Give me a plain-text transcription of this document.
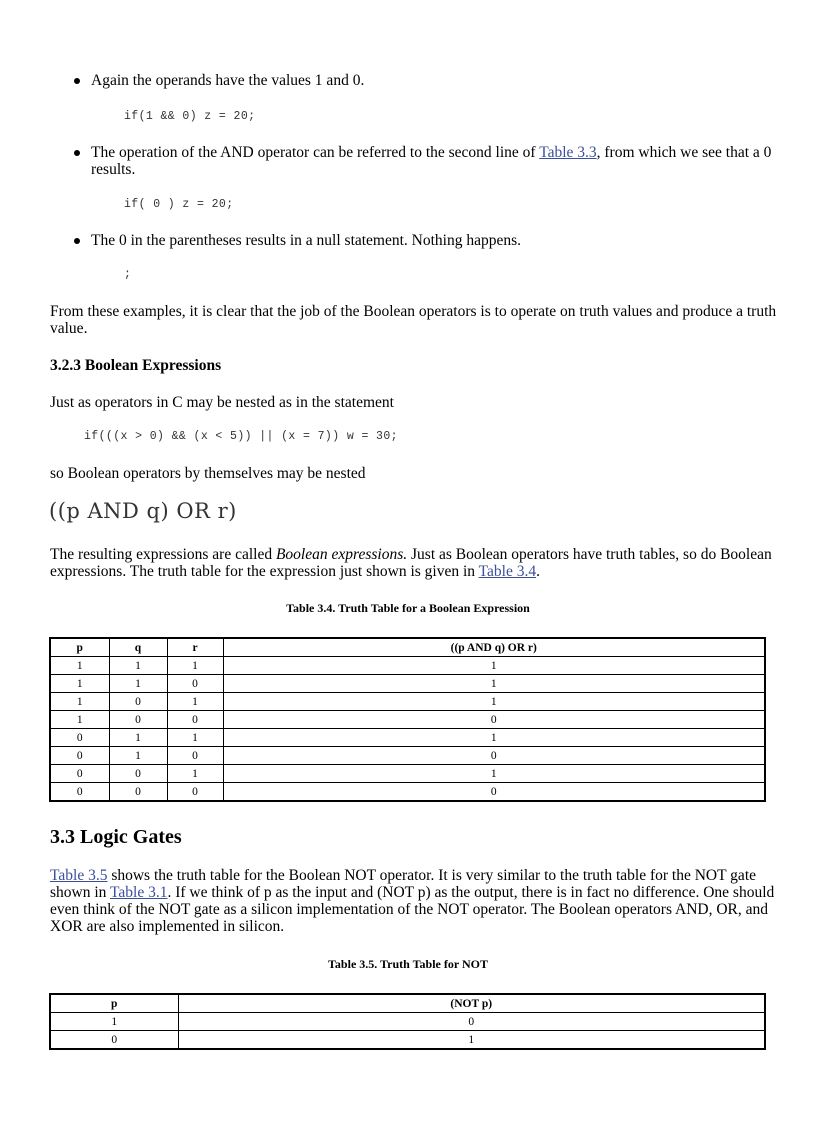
Again the operands have the values 1 and 0.
if(1 && 0) z = 20;
The operation of the AND operator can be referred to the second line of Table 3.3, from which we see that a 0 results.
if( 0 ) z = 20;
The 0 in the parentheses results in a null statement. Nothing happens.
;
From these examples, it is clear that the job of the Boolean operators is to operate on truth values and produce a truth value.
3.2.3 Boolean Expressions
Just as operators in C may be nested as in the statement
if(((x > 0) && (x < 5)) || (x = 7)) w = 30;
so Boolean operators by themselves may be nested
((p AND q) OR r)
The resulting expressions are called Boolean expressions. Just as Boolean operators have truth tables, so do Boolean expressions. The truth table for the expression just shown is given in Table 3.4.
Table 3.4. Truth Table for a Boolean Expression
p	q	r	((p AND q) OR r)
1	1	1	1
1	1	0	1
1	0	1	1
1	0	0	0
0	1	1	1
0	1	0	0
0	0	1	1
0	0	0	0
3.3 Logic Gates
Table 3.5 shows the truth table for the Boolean NOT operator. It is very similar to the truth table for the NOT gate shown in Table 3.1. If we think of p as the input and (NOT p) as the output, there is in fact no difference. One should even think of the NOT gate as a silicon implementation of the NOT operator. The Boolean operators AND, OR, and XOR are also implemented in silicon.
Table 3.5. Truth Table for NOT
p	(NOT p)
1	0
0	1
